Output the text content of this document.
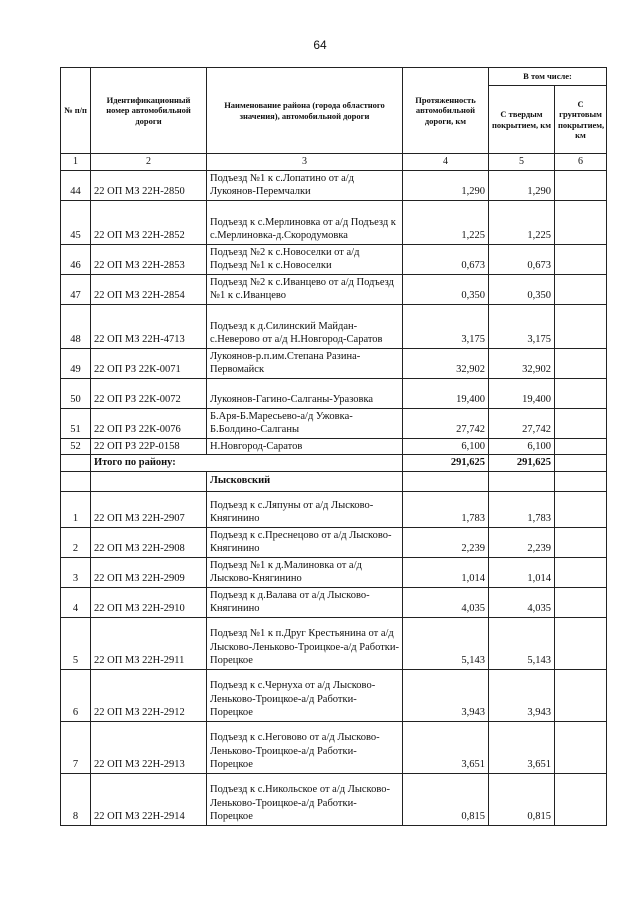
64
№ п/п	Идентификационный номер автомобильной дороги	Наименование района (города областного значения), автомобильной дороги	Протяженность автомобильной дороги, км	В том числе:	
				С твердым покрытием, км	С грунтовым покрытием, км
1	2	3	4	5	6
44	22 ОП МЗ 22Н-2850	Подъезд №1 к с.Лопатино от а/д Лукоянов-Перемчалки	1,290	1,290	
45	22 ОП МЗ 22Н-2852	Подъезд к с.Мерлиновка от а/д Подъезд к с.Мерлиновка-д.Скородумовка	1,225	1,225	
46	22 ОП МЗ 22Н-2853	Подъезд №2 к с.Новоселки от а/д Подъезд №1 к с.Новоселки	0,673	0,673	
47	22 ОП МЗ 22Н-2854	Подъезд №2 к с.Иванцево от а/д Подъезд №1 к с.Иванцево	0,350	0,350	
48	22 ОП МЗ 22Н-4713	Подъезд к д.Силинский Майдан-с.Неверово от а/д Н.Новгород-Саратов	3,175	3,175	
49	22 ОП РЗ 22К-0071	Лукоянов-р.п.им.Степана Разина-Первомайск	32,902	32,902	
50	22 ОП РЗ 22К-0072	Лукоянов-Гагино-Салганы-Уразовка	19,400	19,400	
51	22 ОП РЗ 22К-0076	Б.Аря-Б.Маресьево-а/д Ужовка-Б.Болдино-Салганы	27,742	27,742	
52	22 ОП РЗ 22Р-0158	Н.Новгород-Саратов	6,100	6,100	
	Итого по району:		291,625	291,625	
		Лысковский			
1	22 ОП МЗ 22Н-2907	Подъезд к с.Ляпуны от а/д Лысково-Княгинино	1,783	1,783	
2	22 ОП МЗ 22Н-2908	Подъезд к с.Преснецово от а/д Лысково-Княгинино	2,239	2,239	
3	22 ОП МЗ 22Н-2909	Подъезд №1 к д.Малиновка от а/д Лысково-Княгинино	1,014	1,014	
4	22 ОП МЗ 22Н-2910	Подъезд к д.Валава от а/д Лысково-Княгинино	4,035	4,035	
5	22 ОП МЗ 22Н-2911	Подъезд №1 к п.Друг Крестьянина от а/д Лысково-Леньково-Троицкое-а/д Работки-Порецкое	5,143	5,143	
6	22 ОП МЗ 22Н-2912	Подъезд к с.Чернуха от а/д Лысково-Леньково-Троицкое-а/д Работки-Порецкое	3,943	3,943	
7	22 ОП МЗ 22Н-2913	Подъезд к с.Неговово от а/д Лысково-Леньково-Троицкое-а/д Работки-Порецкое	3,651	3,651	
8	22 ОП МЗ 22Н-2914	Подъезд к с.Никольское от а/д Лысково-Леньково-Троицкое-а/д Работки-Порецкое	0,815	0,815	
